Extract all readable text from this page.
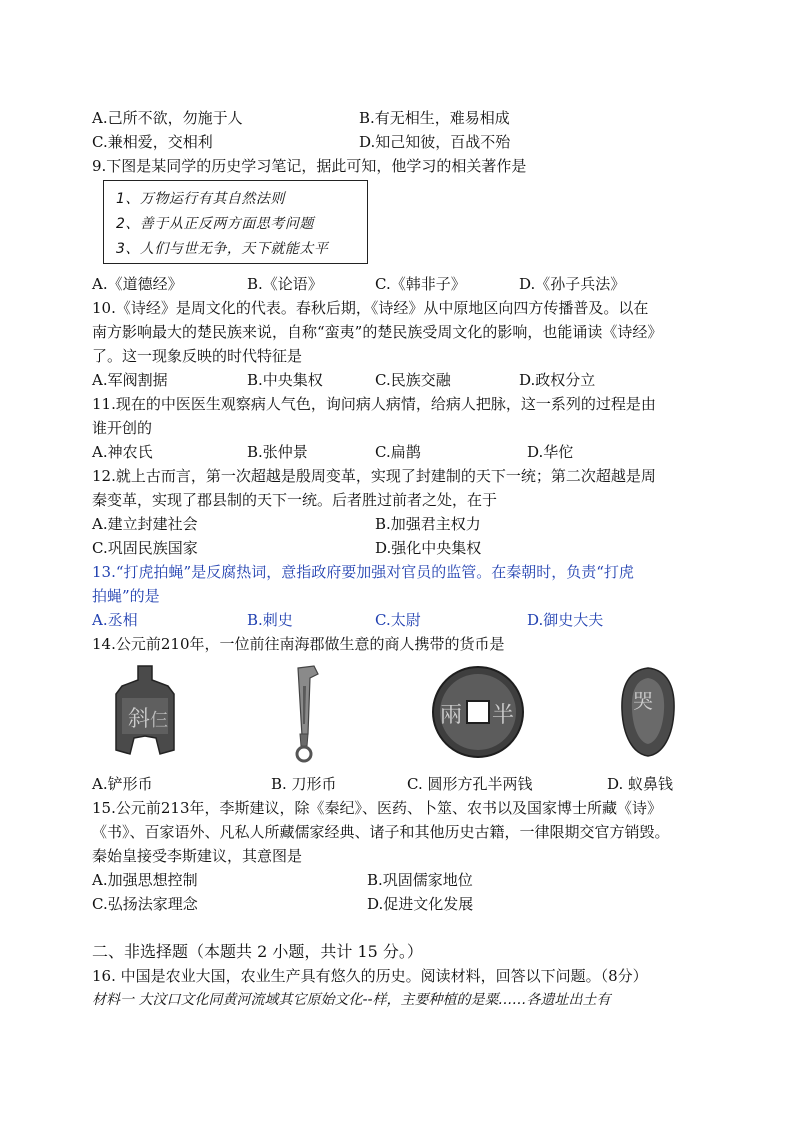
A.己所不欲，勿施于人	B.有无相生，难易相成
C.兼相爱，交相利	D.知己知彼，百战不殆
9.下图是某同学的历史学习笔记，据此可知，他学习的相关著作是
1、万物运行有其自然法则
2、善于从正反两方面思考问题
3、人们与世无争，天下就能太平
A.《道德经》	B.《论语》	C.《韩非子》	D.《孙子兵法》
10.《诗经》是周文化的代表。春秋后期，《诗经》从中原地区向四方传播普及。以在
南方影响最大的楚民族来说，自称“蛮夷”的楚民族受周文化的影响，也能诵读《诗经》
了。这一现象反映的时代特征是
A.军阀割据	B.中央集权	C.民族交融	D.政权分立
11.现在的中医医生观察病人气色，询问病人病情，给病人把脉，这一系列的过程是由
谁开创的
A.神农氏	B.张仲景	C.扁鹊	D.华佗
12.就上古而言，第一次超越是殷周变革，实现了封建制的天下一统；第二次超越是周
秦变革，实现了郡县制的天下一统。后者胜过前者之处，在于
A.建立封建社会	B.加强君主权力
C.巩固民族国家	D.强化中央集权
13.“打虎拍蝇”是反腐热词，意指政府要加强对官员的监管。在秦朝时，负责“打虎
拍蝇”的是
A.丞相	B.刺史	C.太尉	D.御史大夫
14.公元前210年，一位前往南海郡做生意的商人携带的货币是
斜 仨	兩 半
哭
A.铲形币	B. 刀形币	C. 圆形方孔半两钱	D. 蚁鼻钱
15.公元前213年，李斯建议，除《秦纪》、医药、卜筮、农书以及国家博士所藏《诗》
《书》、百家语外、凡私人所藏儒家经典、诸子和其他历史古籍，一律限期交官方销毁。
秦始皇接受李斯建议，其意图是
A.加强思想控制	B.巩固儒家地位
C.弘扬法家理念	D.促进文化发展
二、非选择题（本题共 2 小题，共计 15 分。）
16. 中国是农业大国，农业生产具有悠久的历史。阅读材料，回答以下问题。（8分）
材料一 大汶口文化同黄河流域其它原始文化--样，主要种植的是粟……各遗址出土有
